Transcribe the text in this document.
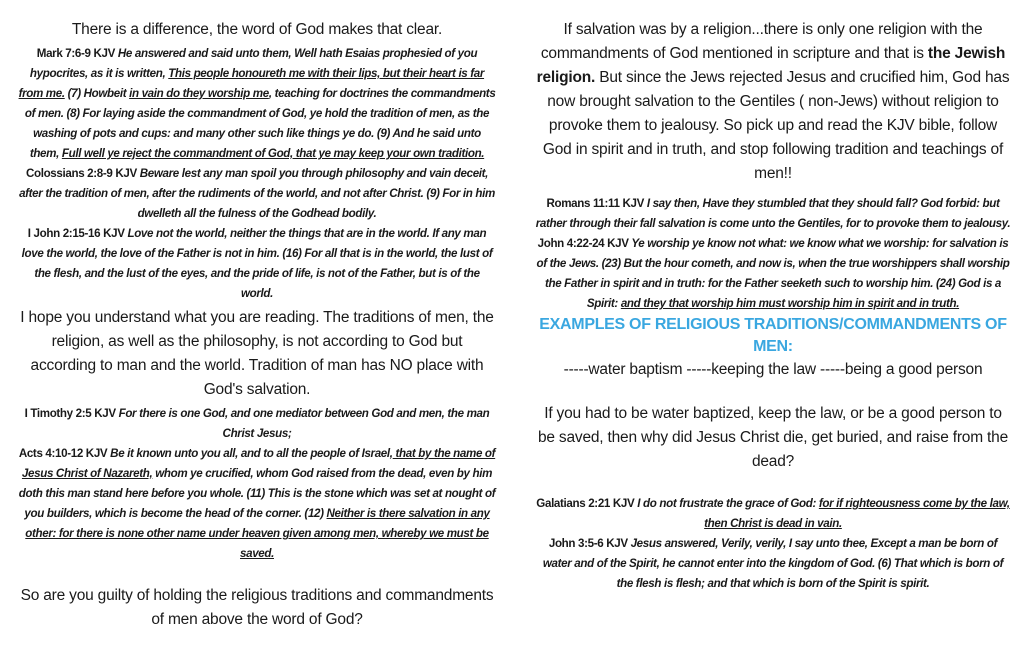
There is a difference, the word of God makes that clear.

Mark 7:6-9 KJV He answered and said unto them, Well hath Esaias prophesied of you hypocrites, as it is written, This people honoureth me with their lips, but their heart is far from me. (7) Howbeit in vain do they worship me, teaching for doctrines the commandments of men. (8) For laying aside the commandment of God, ye hold the tradition of men, as the washing of pots and cups: and many other such like things ye do. (9) And he said unto them, Full well ye reject the commandment of God, that ye may keep your own tradition.

Colossians 2:8-9 KJV Beware lest any man spoil you through philosophy and vain deceit, after the tradition of men, after the rudiments of the world, and not after Christ. (9) For in him dwelleth all the fulness of the Godhead bodily.

I John 2:15-16 KJV Love not the world, neither the things that are in the world. If any man love the world, the love of the Father is not in him. (16) For all that is in the world, the lust of the flesh, and the lust of the eyes, and the pride of life, is not of the Father, but is of the world.

I hope you understand what you are reading. The traditions of men, the religion, as well as the philosophy, is not according to God but according to man and the world. Tradition of man has NO place with God's salvation.

I Timothy 2:5 KJV For there is one God, and one mediator between God and men, the man Christ Jesus;

Acts 4:10-12 KJV Be it known unto you all, and to all the people of Israel, that by the name of Jesus Christ of Nazareth, whom ye crucified, whom God raised from the dead, even by him doth this man stand here before you whole. (11) This is the stone which was set at nought of you builders, which is become the head of the corner. (12) Neither is there salvation in any other: for there is none other name under heaven given among men, whereby we must be saved.

So are you guilty of holding the religious traditions and commandments of men above the word of God?

If salvation was by a religion...there is only one religion with the commandments of God mentioned in scripture and that is the Jewish religion. But since the Jews rejected Jesus and crucified him, God has now brought salvation to the Gentiles ( non-Jews) without religion to provoke them to jealousy. So pick up and read the KJV bible, follow God in spirit and in truth, and stop following tradition and teachings of men!!

Romans 11:11 KJV I say then, Have they stumbled that they should fall? God forbid: but rather through their fall salvation is come unto the Gentiles, for to provoke them to jealousy.

John 4:22-24 KJV Ye worship ye know not what: we know what we worship: for salvation is of the Jews. (23) But the hour cometh, and now is, when the true worshippers shall worship the Father in spirit and in truth: for the Father seeketh such to worship him. (24) God is a Spirit: and they that worship him must worship him in spirit and in truth.

EXAMPLES OF RELIGIOUS TRADITIONS/COMMANDMENTS OF MEN:

-----water baptism -----keeping the law -----being a good person

If you had to be water baptized, keep the law, or be a good person to be saved, then why did Jesus Christ die, get buried, and raise from the dead?

Galatians 2:21 KJV I do not frustrate the grace of God: for if righteousness come by the law, then Christ is dead in vain.

John 3:5-6 KJV Jesus answered, Verily, verily, I say unto thee, Except a man be born of water and of the Spirit, he cannot enter into the kingdom of God. (6) That which is born of the flesh is flesh; and that which is born of the Spirit is spirit.
